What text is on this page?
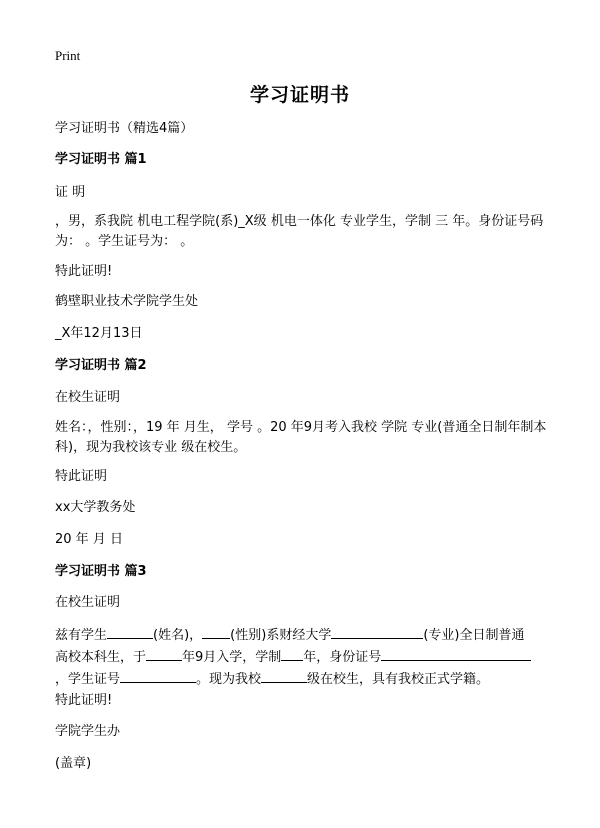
Print
学习证明书
学习证明书（精选4篇）
学习证明书 篇1
证 明
，男，系我院 机电工程学院(系)_X级 机电一体化 专业学生，学制 三 年。身份证号码为： 。学生证号为： 。
特此证明!
鹤壁职业技术学院学生处
_X年12月13日
学习证明书 篇2
在校生证明
姓名：，性别：，19 年 月生， 学号 。20 年9月考入我校 学院 专业(普通全日制年制本科)，现为我校该专业 级在校生。
特此证明
xx大学教务处
20 年 月 日
学习证明书 篇3
在校生证明
兹有学生	(姓名)， (性别)系财经大学	(专业)全日制普通
高校本科生，于	年9月入学，学制 年，身份证号
，学生证号	。现为我校	级在校生，具有我校正式学籍。
特此证明!
学院学生办
(盖章)
